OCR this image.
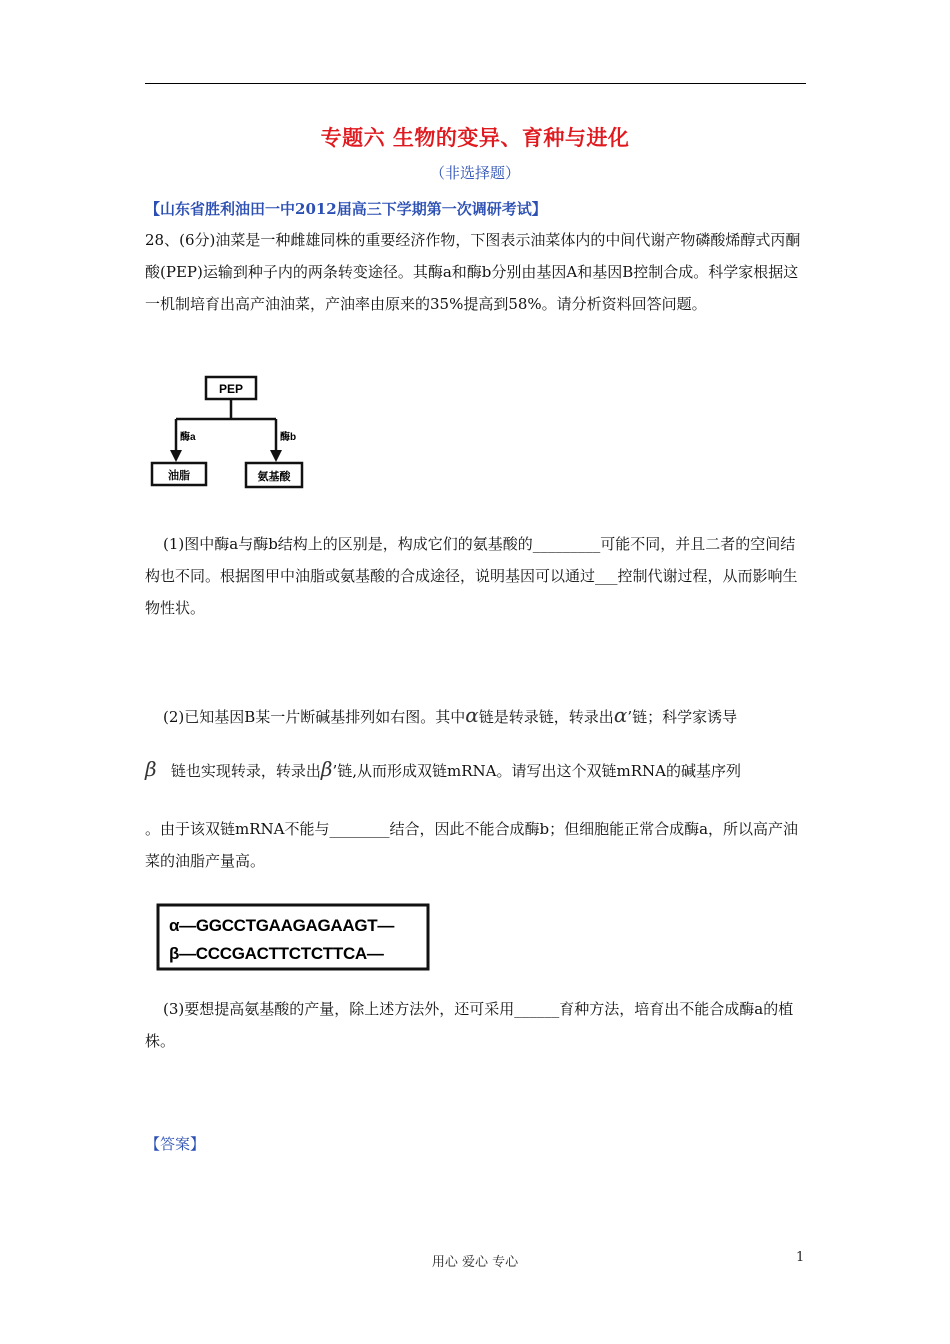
专题六 生物的变异、育种与进化
（非选择题）
【山东省胜利油田一中2012届高三下学期第一次调研考试】
28、(6分)油菜是一种雌雄同株的重要经济作物，下图表示油菜体内的中间代谢产物磷酸烯醇式丙酮酸(PEP)运输到种子内的两条转变途径。其酶a和酶b分别由基因A和基因B控制合成。科学家根据这一机制培育出高产油油菜，产油率由原来的35%提高到58%。请分析资料回答问题。
PEP
酶a	酶b
油脂	氨基酸
(1)图中酶a与酶b结构上的区别是，构成它们的氨基酸的_________可能不同，并且二者的空间结构也不同。根据图甲中油脂或氨基酸的合成途径，说明基因可以通过___控制代谢过程，从而影响生物性状。
(2)已知基因B某一片断碱基排列如右图。其中α链是转录链，转录出α’链；科学家诱导
β 链也实现转录，转录出β’链,从而形成双链mRNA。请写出这个双链mRNA的碱基序列
。由于该双链mRNA不能与________结合，因此不能合成酶b；但细胞能正常合成酶a，所以高产油菜的油脂产量高。
α—GGCCTGAAGAGAAGT—
β—CCCGACTTCTCTTCA—
(3)要想提高氨基酸的产量，除上述方法外，还可采用______育种方法，培育出不能合成酶a的植株。
【答案】
用心 爱心 专心	1
